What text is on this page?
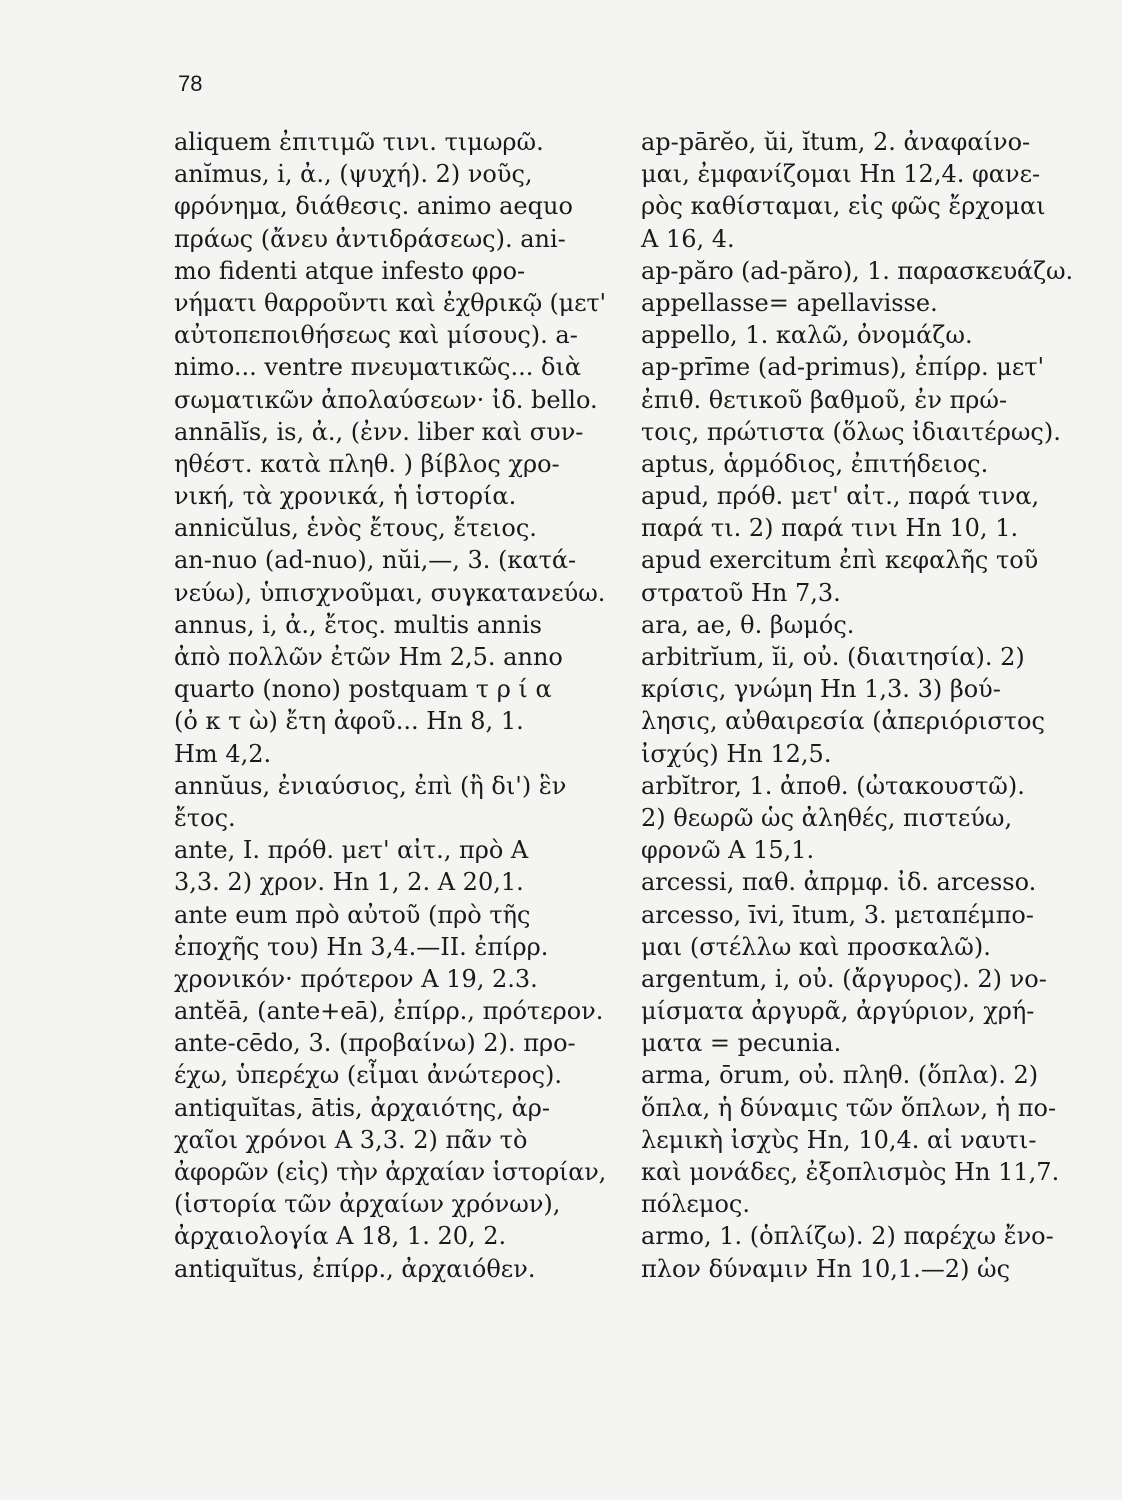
78
aliquem ἐπιτιμῶ τινι. τιμωρῶ.
anĭmus, i, ἀ., (ψυχή). 2) νοῦς,
φρόνημα, διάθεσις. animo aequo
πράως (ἄνευ ἀντιδράσεως). ani-
mo fidenti atque infesto φρο-
νήματι θαρροῦντι καὶ ἐχθρικῷ (μετ'
αὐτοπεποιθήσεως καὶ μίσους). a-
nimo... ventre πνευματικῶς... διὰ
σωματικῶν ἀπολαύσεων· ἰδ. bello.
annālĭs, is, ἀ., (ἐνν. liber καὶ συν-
ηθέστ. κατὰ πληθ. ) βίβλος χρο-
νική, τὰ χρονικά, ἡ ἱστορία.
annicŭlus, ἑνὸς ἔτους, ἔτειος.
an-nuo (ad-nuo), nŭi,—, 3. (κατά-
νεύω), ὑπισχνοῦμαι, συγκατανεύω.
annus, i, ἀ., ἔτος. multis annis
ἀπὸ πολλῶν ἐτῶν Hm 2,5. anno
quarto (nono) postquam τ ρ ί α
(ὀ κ τ ὼ) ἔτη ἀφοῦ... Hn 8, 1.
Hm 4,2.
annŭus, ἐνιαύσιος, ἐπὶ (ἢ δι') ἓν
ἔτος.
ante, I. πρόθ. μετ' αἰτ., πρὸ A
3,3. 2) χρον. Hn 1, 2. A 20,1.
ante eum πρὸ αὐτοῦ (πρὸ τῆς
ἐποχῆς του) Hn 3,4.—II. ἐπίρρ.
χρονικόν· πρότερον A 19, 2.3.
antĕā, (ante+eā), ἐπίρρ., πρότερον.
ante-cēdo, 3. (προβαίνω) 2). προ-
έχω, ὑπερέχω (εἶμαι ἀνώτερος).
antiquĭtas, ātis, ἀρχαιότης, ἀρ-
χαῖοι χρόνοι A 3,3. 2) πᾶν τὸ
ἀφορῶν (εἰς) τὴν ἀρχαίαν ἱστορίαν,
(ἱστορία τῶν ἀρχαίων χρόνων),
ἀρχαιολογία A 18, 1. 20, 2.
antiquĭtus, ἐπίρρ., ἀρχαιόθεν.
ap-pārĕo, ŭi, ĭtum, 2. ἀναφαίνο-
μαι, ἐμφανίζομαι Hn 12,4. φανε-
ρὸς καθίσταμαι, εἰς φῶς ἔρχομαι
A 16, 4.
ap-păro (ad-păro), 1. παρασκευάζω.
appellasse= apellavisse.
appello, 1. καλῶ, ὀνομάζω.
ap-prīme (ad-primus), ἐπίρρ. μετ'
ἐπιθ. θετικοῦ βαθμοῦ, ἐν πρώ-
τοις, πρώτιστα (ὅλως ἰδιαιτέρως).
aptus, ἁρμόδιος, ἐπιτήδειος.
apud, πρόθ. μετ' αἰτ., παρά τινα,
παρά τι. 2) παρά τινι Hn 10, 1.
apud exercitum ἐπὶ κεφαλῆς τοῦ
στρατοῦ Hn 7,3.
ara, ae, θ. βωμός.
arbitrĭum, ĭi, οὐ. (διαιτησία). 2)
κρίσις, γνώμη Hn 1,3. 3) βού-
λησις, αὐθαιρεσία (ἀπεριόριστος
ἰσχύς) Hn 12,5.
arbĭtror, 1. ἀποθ. (ὠτακουστῶ).
2) θεωρῶ ὡς ἀληθές, πιστεύω,
φρονῶ A 15,1.
arcessi, παθ. ἀπρμφ. ἰδ. arcesso.
arcesso, īvi, ītum, 3. μεταπέμπο-
μαι (στέλλω καὶ προσκαλῶ).
argentum, i, οὐ. (ἄργυρος). 2) νο-
μίσματα ἀργυρᾶ, ἀργύριον, χρή-
ματα = pecunia.
arma, ōrum, οὐ. πληθ. (ὅπλα). 2)
ὅπλα, ἡ δύναμις τῶν ὅπλων, ἡ πο-
λεμικὴ ἰσχὺς Hn, 10,4. αἱ ναυτι-
καὶ μονάδες, ἐξοπλισμὸς Hn 11,7.
πόλεμος.
armo, 1. (ὁπλίζω). 2) παρέχω ἔνο-
πλον δύναμιν Hn 10,1.—2) ὡς
